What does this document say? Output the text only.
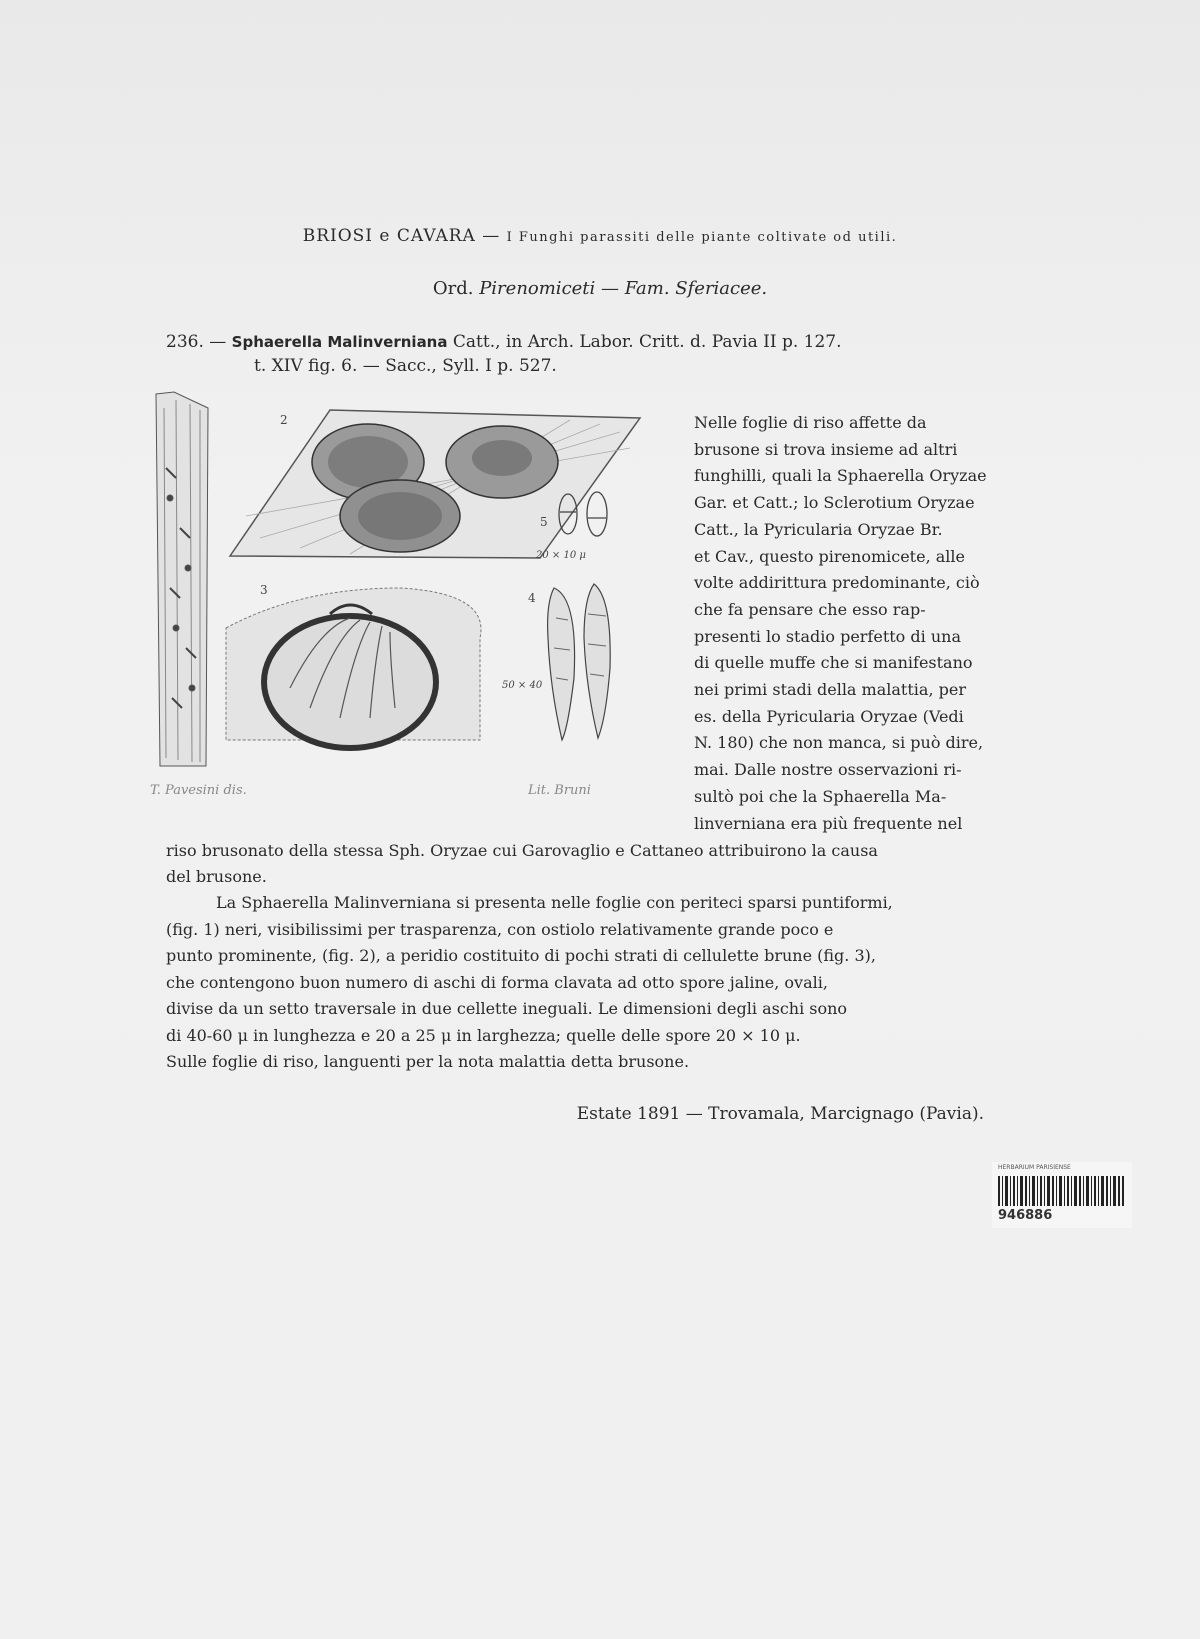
BRIOSI e CAVARA — I Funghi parassiti delle piante coltivate od utili.
Ord. Pirenomiceti — Fam. Sferiacee.
236. — Sphaerella Malinverniana Catt., in Arch. Labor. Critt. d. Pavia II p. 127.
t. XIV fig. 6. — Sacc., Syll. I p. 527.
2
5
20 × 10 μ
3
4
50 × 40
T. Pavesini dis.	Lit. Bruni
1
Nelle foglie di riso affette da
brusone si trova insieme ad altri
funghilli, quali la Sphaerella Oryzae
Gar. et Catt.; lo Sclerotium Oryzae
Catt., la Pyricularia Oryzae Br.
et Cav., questo pirenomicete, alle
volte addirittura predominante, ciò
che fa pensare che esso rap-
presenti lo stadio perfetto di una
di quelle muffe che si manifestano
nei primi stadi della malattia, per
es. della Pyricularia Oryzae (Vedi
N. 180) che non manca, si può dire,
mai. Dalle nostre osservazioni ri-
sultò poi che la Sphaerella Ma-
linverniana era più frequente nel
riso brusonato della stessa Sph. Oryzae cui Garovaglio e Cattaneo attribuirono la causa
del brusone.
La Sphaerella Malinverniana si presenta nelle foglie con periteci sparsi puntiformi,
(fig. 1) neri, visibilissimi per trasparenza, con ostiolo relativamente grande poco e
punto prominente, (fig. 2), a peridio costituito di pochi strati di cellulette brune (fig. 3),
che contengono buon numero di aschi di forma clavata ad otto spore jaline, ovali,
divise da un setto traversale in due cellette ineguali. Le dimensioni degli aschi sono
di 40-60 μ in lunghezza e 20 a 25 μ in larghezza; quelle delle spore 20 × 10 μ.
Sulle foglie di riso, languenti per la nota malattia detta brusone.
Estate 1891 — Trovamala, Marcignago (Pavia).
HERBARIUM PARISIENSE
946886
